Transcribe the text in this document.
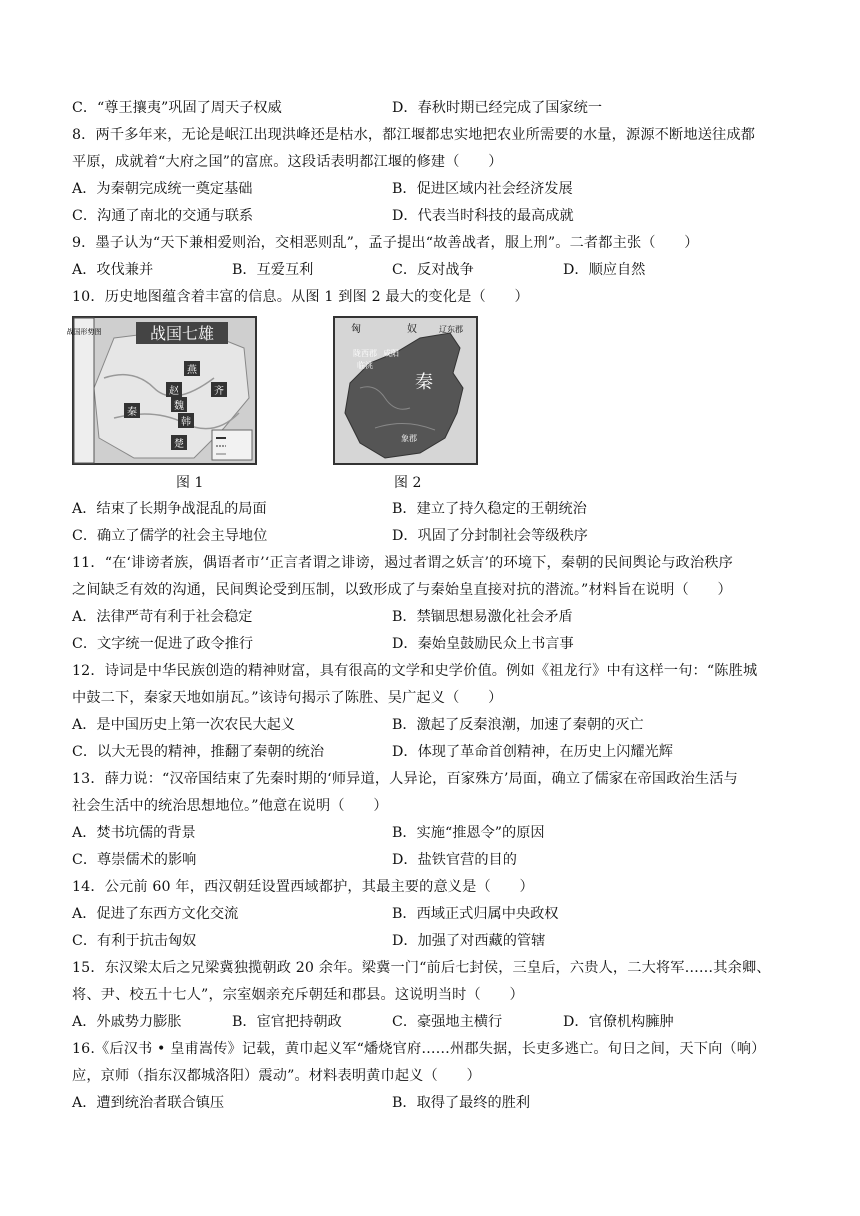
C．“尊王攘夷”巩固了周天子权威	D．春秋时期已经完成了国家统一
8．两千多年来，无论是岷江出现洪峰还是枯水，都江堰都忠实地把农业所需要的水量，源源不断地送往成都
平原，成就着“大府之国”的富庶。这段话表明都江堰的修建（　　）
A．为秦朝完成统一奠定基础	B．促进区域内社会经济发展
C．沟通了南北的交通与联系	D．代表当时科技的最高成就
9．墨子认为“天下兼相爱则治，交相恶则乱”，孟子提出“故善战者，服上刑”。二者都主张（　　）
A．攻伐兼并	B．互爱互利	C．反对战争	D．顺应自然
10．历史地图蕴含着丰富的信息。从图 1 到图 2 最大的变化是（　　）
战国形势图	战国七雄
燕
赵	齐
魏
韩
秦
楚
图 1
匈	奴	辽东郡
陇西郡 咸阳
临洮
秦
象郡
图 2
A．结束了长期争战混乱的局面	B．建立了持久稳定的王朝统治
C．确立了儒学的社会主导地位	D．巩固了分封制社会等级秩序
11．“在‘诽谤者族，偶语者市’‘正言者谓之诽谤，遏过者谓之妖言’的环境下，秦朝的民间舆论与政治秩序
之间缺乏有效的沟通，民间舆论受到压制，以致形成了与秦始皇直接对抗的潜流。”材料旨在说明（　　）
A．法律严苛有利于社会稳定	B．禁锢思想易激化社会矛盾
C．文字统一促进了政令推行	D．秦始皇鼓励民众上书言事
12．诗词是中华民族创造的精神财富，具有很高的文学和史学价值。例如《祖龙行》中有这样一句：“陈胜城
中鼓二下，秦家天地如崩瓦。”该诗句揭示了陈胜、吴广起义（　　）
A．是中国历史上第一次农民大起义	B．激起了反秦浪潮，加速了秦朝的灭亡
C．以大无畏的精神，推翻了秦朝的统治	D．体现了革命首创精神，在历史上闪耀光辉
13．薛力说：“汉帝国结束了先秦时期的‘师异道，人异论，百家殊方’局面，确立了儒家在帝国政治生活与
社会生活中的统治思想地位。”他意在说明（　　）
A．焚书坑儒的背景	B．实施“推恩令”的原因
C．尊崇儒术的影响	D．盐铁官营的目的
14．公元前 60 年，西汉朝廷设置西域都护，其最主要的意义是（　　）
A．促进了东西方文化交流	B．西域正式归属中央政权
C．有利于抗击匈奴	D．加强了对西藏的管辖
15．东汉梁太后之兄梁冀独揽朝政 20 余年。梁冀一门“前后七封侯，三皇后，六贵人，二大将军……其余卿、
将、尹、校五十七人”，宗室姻亲充斥朝廷和郡县。这说明当时（　　）
A．外戚势力膨胀	B．宦官把持朝政	C．豪强地主横行	D．官僚机构臃肿
16.《后汉书 • 皇甫嵩传》记载，黄巾起义军“燔烧官府……州郡失据，长吏多逃亡。旬日之间，天下向（响）
应，京师（指东汉都城洛阳）震动”。材料表明黄巾起义（　　）
A．遭到统治者联合镇压	B．取得了最终的胜利
